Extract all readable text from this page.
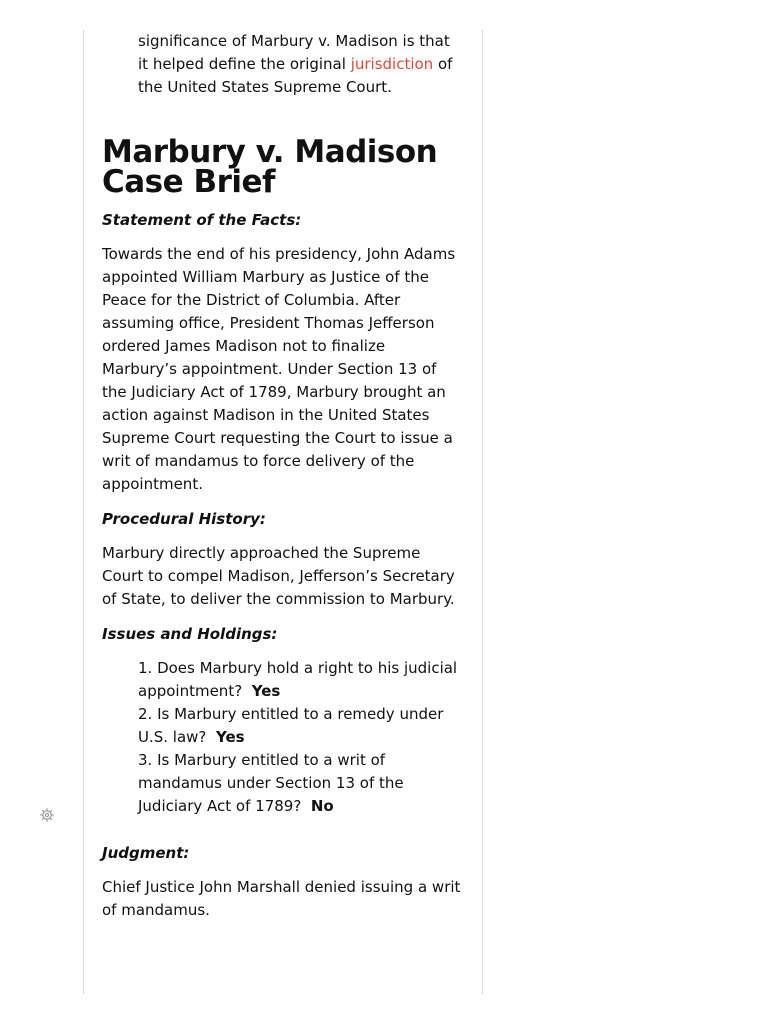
significance of Marbury v. Madison is that it helped define the original jurisdiction of the United States Supreme Court.

Marbury v. Madison Case Brief
Statement of the Facts:

Towards the end of his presidency, John Adams appointed William Marbury as Justice of the Peace for the District of Columbia. After assuming office, President Thomas Jefferson ordered James Madison not to finalize Marbury’s appointment. Under Section 13 of the Judiciary Act of 1789, Marbury brought an action against Madison in the United States Supreme Court requesting the Court to issue a writ of mandamus to force delivery of the appointment.

Procedural History:

Marbury directly approached the Supreme Court to compel Madison, Jefferson’s Secretary of State, to deliver the commission to Marbury.

Issues and Holdings:
1. Does Marbury hold a right to his judicial appointment? Yes
2. Is Marbury entitled to a remedy under U.S. law? Yes
3. Is Marbury entitled to a writ of mandamus under Section 13 of the Judiciary Act of 1789? No
Judgment:

Chief Justice John Marshall denied issuing a writ of mandamus.
